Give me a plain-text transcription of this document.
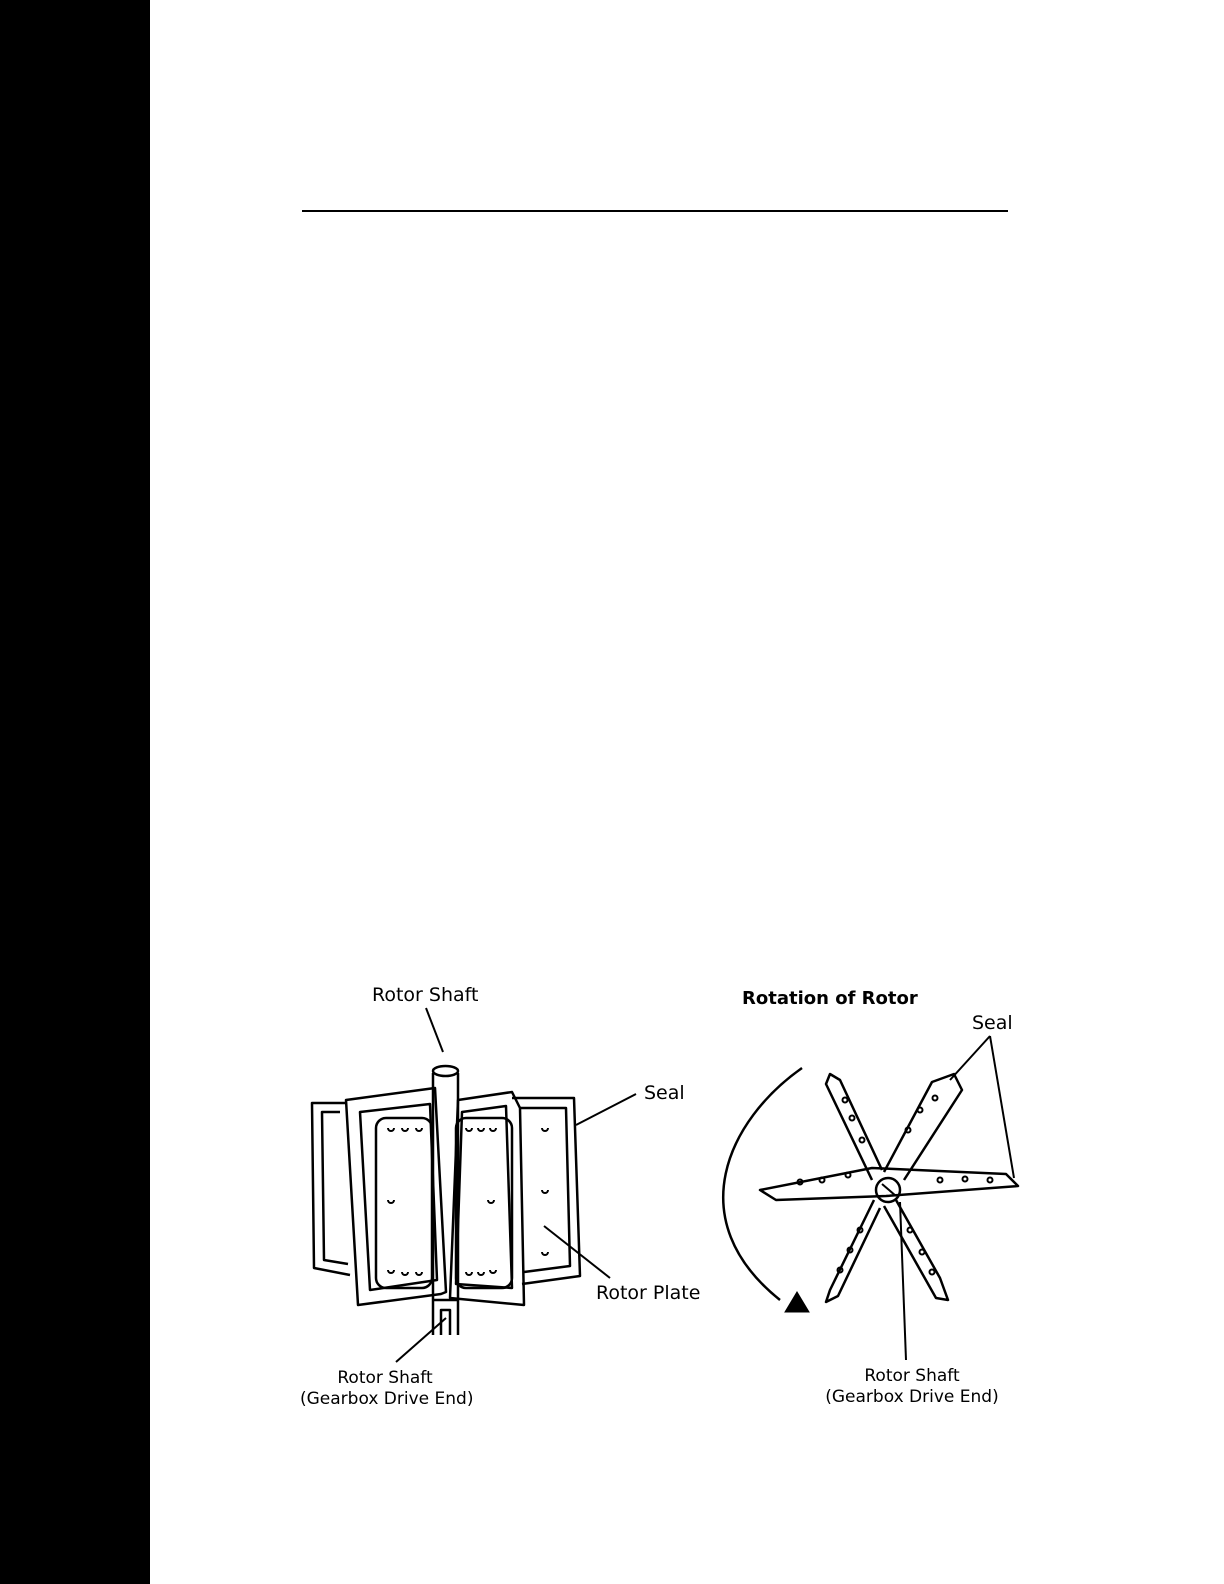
Rotor Shaft
Seal
Rotor Plate
Rotor Shaft
(Gearbox Drive End)
Rotation of Rotor
Seal
Rotor Shaft
(Gearbox Drive End)
